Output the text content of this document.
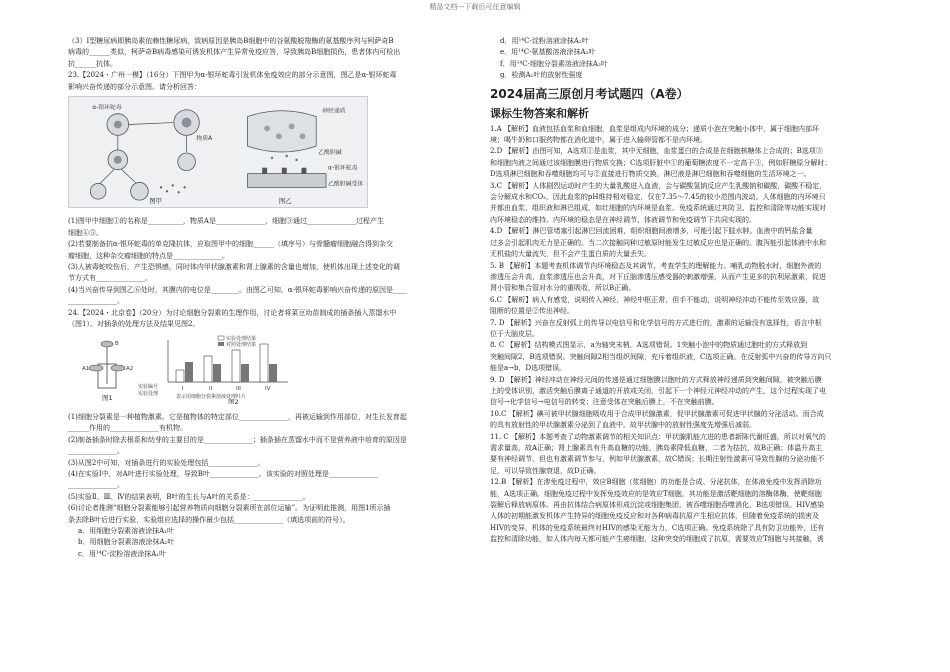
精品文档---下载后可任意编辑
（3）Ⅰ型糖尿病即胰岛素依赖性糖尿病，致病原因是胰岛B细胞中的谷氨酸脱羧酶的氨基酸序列与柯萨奇B
病毒的______类似，柯萨奇B病毒感染可诱发机体产生异常免疫应答，导致胰岛B细胞损伤，患者体内可检出
抗______抗体。
23.【2024・广州一模】（16分）下图甲为α-银环蛇毒引发机体免疫效应的部分示意图，图乙是α-银环蛇毒
影响兴奋传递的部分示意图。请分析回答：
α-银环蛇毒
物质A
神经递质
乙酰胆碱
α-银环蛇毒
乙酰胆碱受体
图甲	图乙
(1)图甲中细胞①的名称是__________，物质A是______________，细胞③通过______________过程产生
细胞④⑤。
(2)若要制备抗α-银环蛇毒的单克隆抗体，应取图甲中的细胞______（填序号）与骨髓瘤细胞融合得到杂交
瘤细胞，这种杂交瘤细胞的特点是______________。
(3)人被毒蛇咬伤后，产生恐惧感，同时体内甲状腺激素和肾上腺素的含量也增加，使机体出现上述变化的调
节方式有______________。
(4)当兴奋传导到图乙⑥处时，其膜内的电位是________。由图乙可知，α-银环蛇毒影响兴奋传递的原因是____
______________。
24.【2024・北京卷】（20分）为讨论细胞分裂素的生理作用，讨论者将菜豆幼苗制成的插条插入蒸馏水中
（图1）。对插条的处理方法及结果见图2。
A1	A2
B
图1
I	II	III	IV
实验编号
实验处理
实验处理结果
对照处理结果
表示用细胞分裂素溶液处理叶片
图2
(1)细胞分裂素是一种植物激素。它是植物体的特定部位______________，再被运输到作用部位，对生长发育起
______作用的______________有机物。
(2)制备插条时除去根系和幼芽的主要目的是______________；插条插在蒸馏水中而不是营养液中培育的原因是
______________。
(3)从图2中可知，对插条进行的实验处理包括______________。
(4)在实验Ⅰ中，对A叶进行实验处理，导致B叶______________。该实验的对照处理是______________
______________。
(5)实验Ⅱ、Ⅲ、Ⅳ的结果表明，B叶的生长与A叶的关系是：______________。
(6)讨论者推测“细胞分裂素能够引起营养物质向细胞分裂素所在部位运输”。为证明此推测，用图1所示插
条去除B叶后进行实验，实验组应选择的操作最少包括______________（填选项前的符号）。
a．用细胞分裂素溶液涂抹A₁叶
b．用细胞分裂素溶液涂抹A₂叶
c．用¹⁴C-淀粉溶液涂抹A₁叶
d．用¹⁴C-淀粉溶液涂抹A₂叶
e．用¹⁴C-氨基酸溶液涂抹A₂叶
f．用¹⁴C-细胞分裂素溶液涂抹A₂叶
g．检测A₁叶的放射性强度
2024届高三原创月考试题四（A卷）
课标生物答案和解析
1.A 【解析】血液包括血浆和血细胞，血浆是组成内环境的成分；递质小泡在突触小体中，属于细胞内部环
境；喝牛奶和口服药物都在消化道中，属于进入输卵管都不是内环境。
2.D 【解析】由图可知，A选项①是血浆，其中无细胞，血浆蛋白的合成是在细胞核糖体上合成的；B选项③
和细胞内液之间通过该细胞膜进行物质交换；C选项肝脏中①的葡萄糖浓度不一定高于③，例如肝糖原分解时；
D选项淋巴细胞和吞噬细胞均可与②直接进行物质交换，淋巴液是淋巴细胞和吞噬细胞的生活环境之一。
3.C 【解析】人体剧烈运动时产生的大量乳酸进入血液，会与碳酸氢钠反应产生乳酸钠和碳酸，碳酸不稳定，
会分解成水和CO₂，因此血浆的pH维持相对稳定，仅在7.35～7.45的较小范围内波动。人体细胞的内环境只
并都由血浆、组织液和淋巴组成，如红细胞的内环境是血浆。免疫系统通过其防卫、监控和清除等功能实现对
内环境稳态的维持。内环境的稳态是在神经调节、体液调节和免疫调节下共同实现的。
4.D 【解析】淋巴管堵塞引起淋巴回流困难，组织细胞间液增多，可能引起下肢水肿。血液中的钙盐含量
过多会引起肌肉无力是正确的。当二次接触同种过敏原时能发生过敏反应也是正确的。腹泻能引起体液中水和
无机盐的大量流失，但不会产生蛋白质的大量丢失。
5. B 【解析】本题考查机体调节内环境稳态及其调节，考查学生的理解能力。哺乳动物脱水时，细胞外液的
渗透压会升高，血浆渗透压也会升高，对下丘脑渗透压感受器的刺激增强，从而产生更多的抗利尿激素，促进
肾小管和集合管对水分的重吸收，所以B正确。
6.C 【解析】病人有感觉，说明传入神经、神经中枢正常，但手不能动，说明神经冲动不能传至效应器，故
阻断的位置是②传出神经。
7. D 【解析】兴奋在反射弧上的传导以电信号和化学信号的方式进行的，激素的运输没有选择性，语言中枢
位于大脑皮层。
8. C 【解析】结构模式图显示，a为轴突末梢，A选项错误。1突触小泡中的物质通过胞吐的方式释放到
突触间隙2，B选项错误。突触间隙2相当组织间隙，充斥着组织液，C选项正确。在反射弧中兴奋的传导方向只
能是a→b，D选项错误。
9. D 【解析】神经冲动在神经元间的传递是通过细胞膜以胞吐的方式释放神经递质到突触间隙，被突触后膜
上的受体识别，激活突触后膜离子通道的开放或关闭，引起下一个神经元神经冲动的产生，这个过程实现了电
信号→化学信号→电信号的转变；注意受体在突触后膜上，不在突触前膜。
10.C 【解析】碘可被甲状腺细胞吸收用于合成甲状腺激素，促甲状腺激素可促进甲状腺的分泌活动。而合成
的具有放射性的甲状腺激素分泌到了血液中。故甲状腺中的放射性强度先增强后减弱。
11. C 【解析】本题考查了动物激素调节的相关知识点：甲状腺肌能亢进的患者新陈代谢旺盛，所以对氧气的
需求量高，故A正确；肾上腺素具有升高血糖的功能，胰岛素降低血糖，二者为拮抗，故B正确；体温升高主
要有神经调节，但也有激素调节参与，例如甲状腺激素，故C错误；长期注射性激素可导致性腺的分泌功能不
足，可以导致性腺衰退，故D正确。
12.B 【解析】在渗免疫过程中，效应B细胞（浆细胞）的功能是合成、分泌抗体，在体液免疫中发挥消除功
能，A选项正确。细胞免疫过程中发挥免疫效应的是效应T细胞，其功能是激活靶细胞的溶酶体酶，使靶细胞
裂解后释放病原体。再由抗体结合病原体形成沉淀或细胞集团，被吞噬细胞吞噬消化，B选项错误。HIV感染
人体的初期能激发机体产生特异的细胞免疫反应和对各种病毒抗原产生相应抗体，但随着免疫系统的损害及
HIV的变异，机体的免疫系统最终对HIV的感染无能为力，C选项正确。免疫系统除了具有防卫功能外，还有
监控和清除功能，如人体内每天都可能产生癌细胞，这种突变的细胞成了抗原，需要效应T细胞与其接触，诱
